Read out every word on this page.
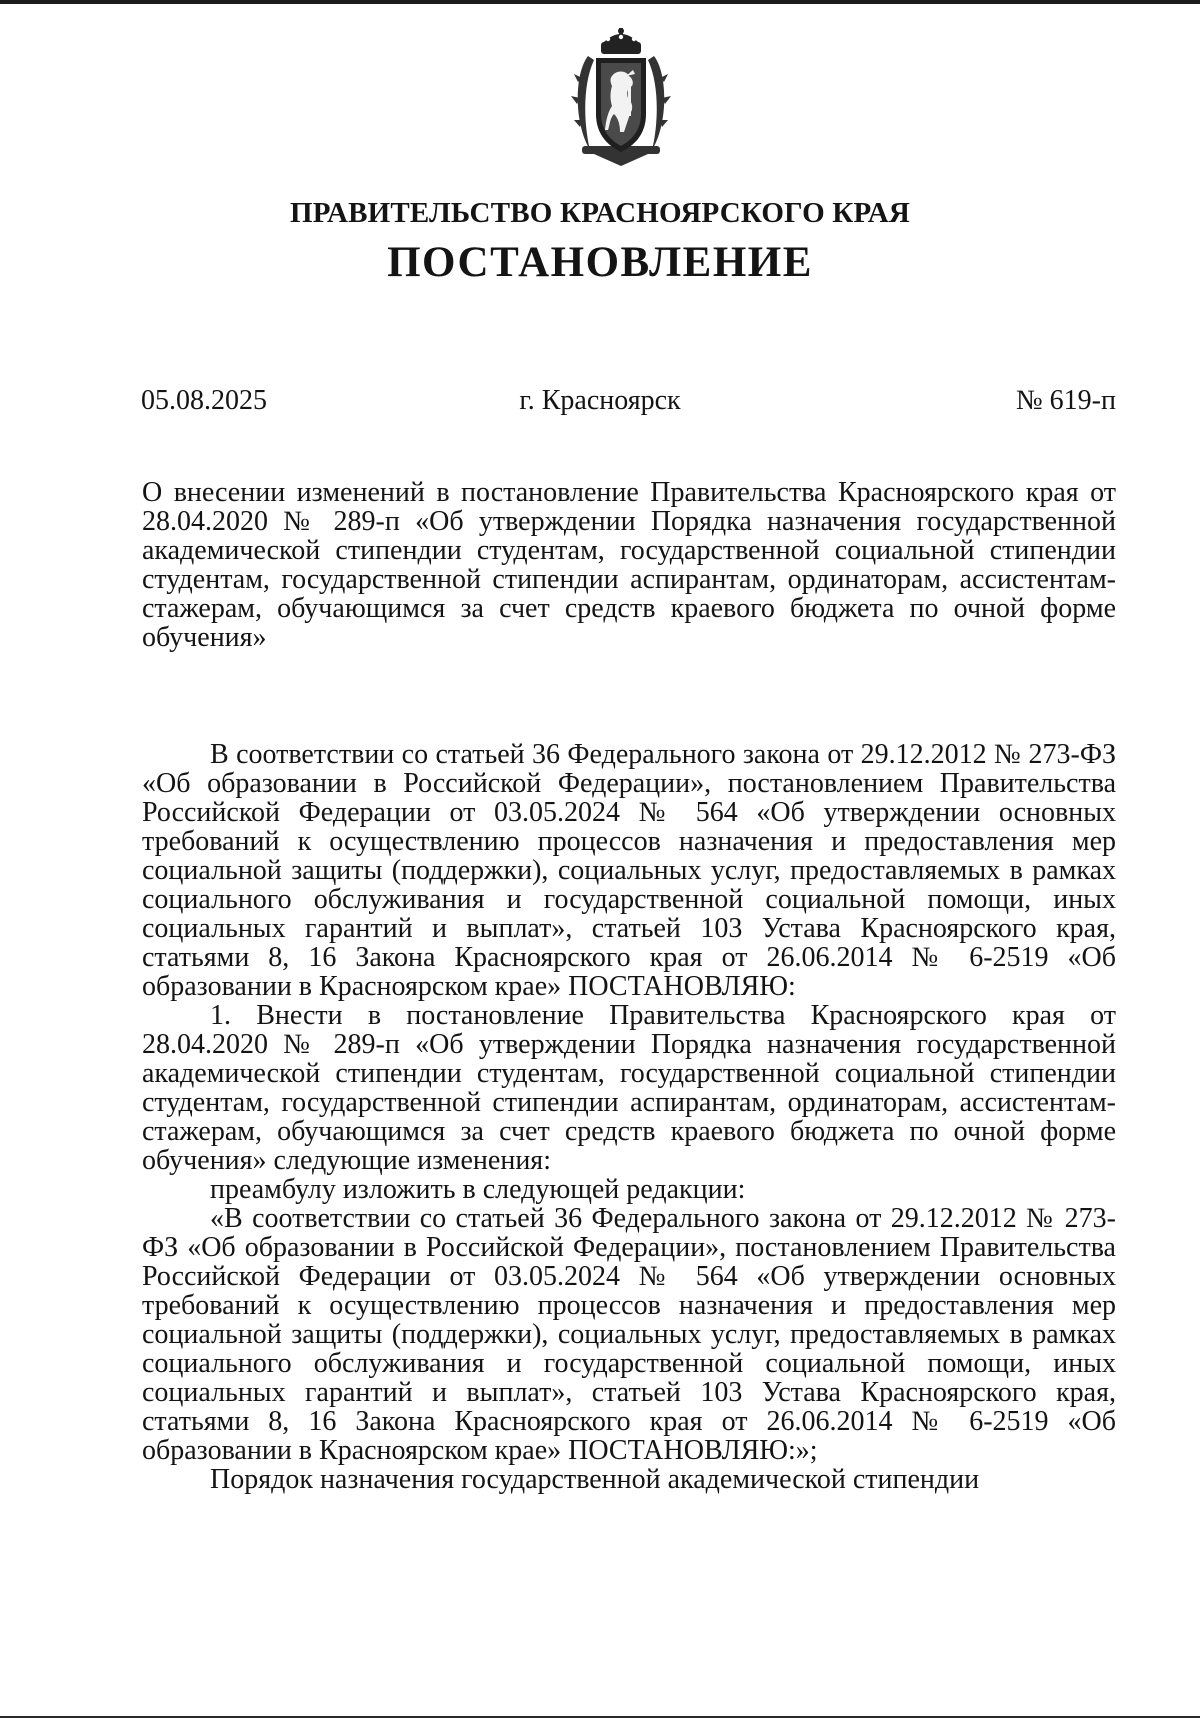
ПРАВИТЕЛЬСТВО КРАСНОЯРСКОГО КРАЯ
ПОСТАНОВЛЕНИЕ
05.08.2025	г. Красноярск	№ 619-п

О внесении изменений в постановление Правительства Красноярского края от 28.04.2020 № 289-п «Об утверждении Порядка назначения государственной академической стипендии студентам, государственной социальной стипендии студентам, государственной стипендии аспирантам, ординаторам, ассистентам-стажерам, обучающимся за счет средств краевого бюджета по очной форме обучения»

В соответствии со статьей 36 Федерального закона от 29.12.2012 № 273-ФЗ «Об образовании в Российской Федерации», постановлением Правительства Российской Федерации от 03.05.2024 № 564 «Об утверждении основных требований к осуществлению процессов назначения и предоставления мер социальной защиты (поддержки), социальных услуг, предоставляемых в рамках социального обслуживания и государственной социальной помощи, иных социальных гарантий и выплат», статьей 103 Устава Красноярского края, статьями 8, 16 Закона Красноярского края от 26.06.2014 № 6-2519 «Об образовании в Красноярском крае» ПОСТАНОВЛЯЮ:

1. Внести в постановление Правительства Красноярского края от 28.04.2020 № 289-п «Об утверждении Порядка назначения государственной академической стипендии студентам, государственной социальной стипендии студентам, государственной стипендии аспирантам, ординаторам, ассистентам-стажерам, обучающимся за счет средств краевого бюджета по очной форме обучения» следующие изменения:

преамбулу изложить в следующей редакции:

«В соответствии со статьей 36 Федерального закона от 29.12.2012 № 273-ФЗ «Об образовании в Российской Федерации», постановлением Правительства Российской Федерации от 03.05.2024 № 564 «Об утверждении основных требований к осуществлению процессов назначения и предоставления мер социальной защиты (поддержки), социальных услуг, предоставляемых в рамках социального обслуживания и государственной социальной помощи, иных социальных гарантий и выплат», статьей 103 Устава Красноярского края, статьями 8, 16 Закона Красноярского края от 26.06.2014 № 6-2519 «Об образовании в Красноярском крае» ПОСТАНОВЛЯЮ:»;

Порядок назначения государственной академической стипендии
